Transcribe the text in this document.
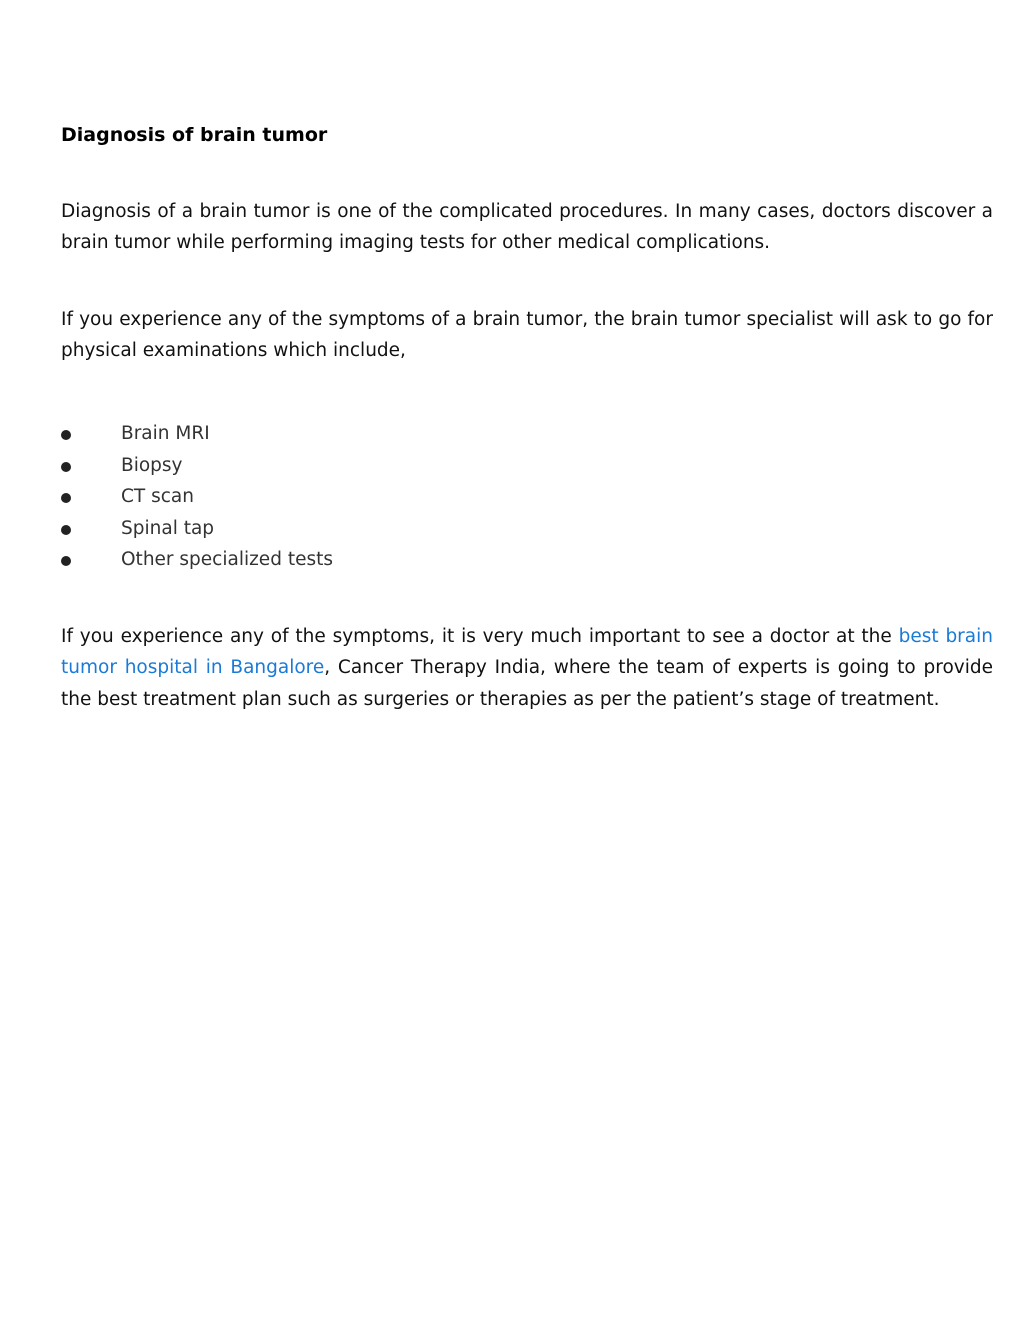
Diagnosis of brain tumor

Diagnosis of a brain tumor is one of the complicated procedures. In many cases, doctors discover a brain tumor while performing imaging tests for other medical complications.

If you experience any of the symptoms of a brain tumor, the brain tumor specialist will ask to go for physical examinations which include,

Brain MRI
Biopsy
CT scan
Spinal tap
Other specialized tests

If you experience any of the symptoms, it is very much important to see a doctor at the best brain tumor hospital in Bangalore, Cancer Therapy India, where the team of experts is going to provide the best treatment plan such as surgeries or therapies as per the patient’s stage of treatment.
